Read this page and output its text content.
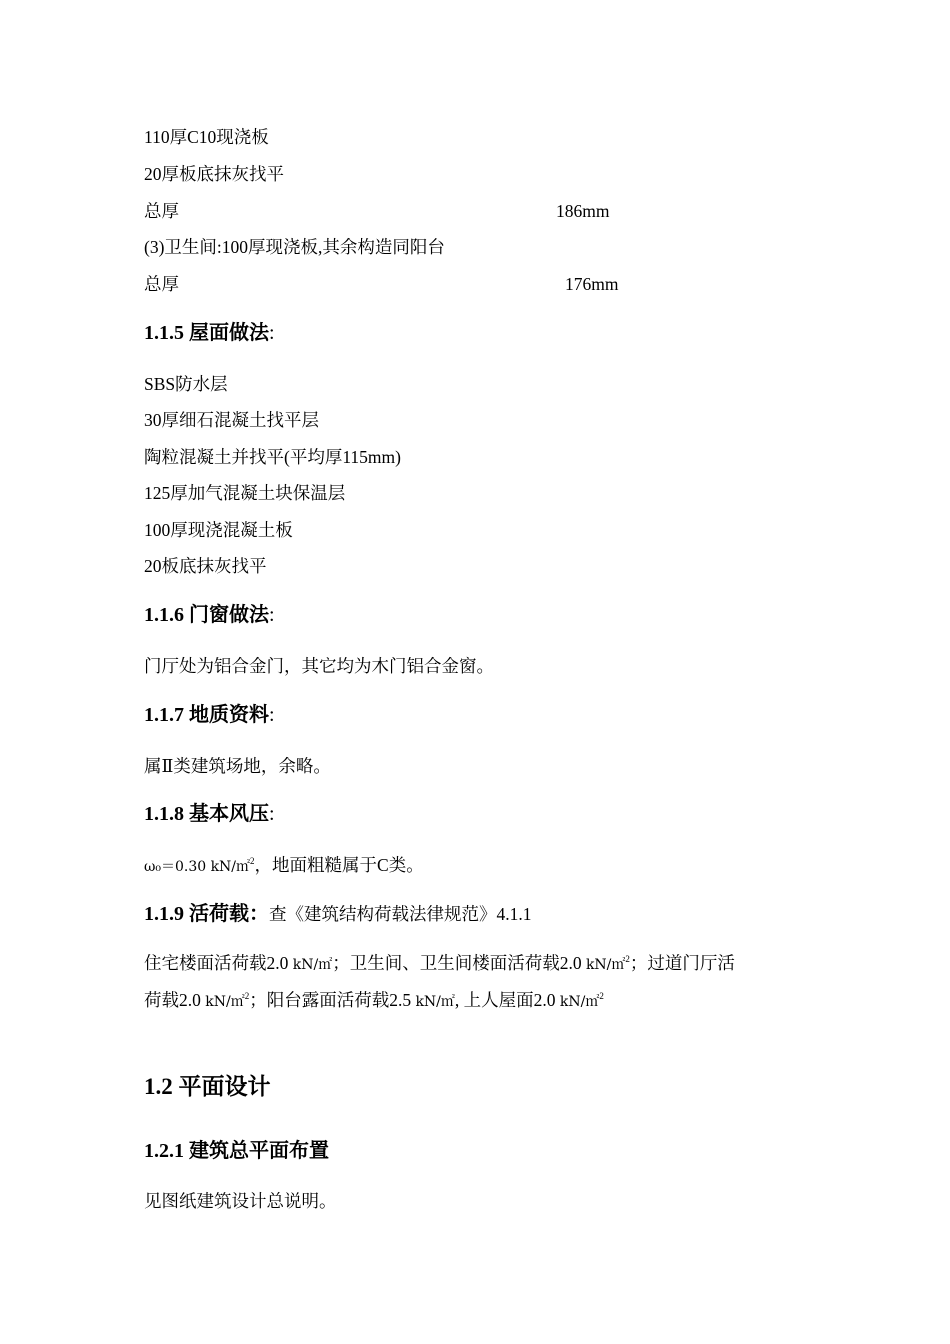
110厚C10现浇板
20厚板底抹灰找平
总厚	186mm
(3)卫生间:100厚现浇板,其余构造同阳台
总厚	176mm
1.1.5 屋面做法:
SBS防水层
30厚细石混凝土找平层
陶粒混凝土并找平(平均厚115mm)
125厚加气混凝土块保温层
100厚现浇混凝土板
20板底抹灰找平
1.1.6 门窗做法:
门厅处为铝合金门，其它均为木门铝合金窗。
1.1.7 地质资料:
属Ⅱ类建筑场地，余略。
1.1.8 基本风压:
ω₀＝0.30 kN/㎡$^2$，地面粗糙属于C类。
1.1.9 活荷载：查《建筑结构荷载法律规范》4.1.1
住宅楼面活荷载2.0 kN/㎡；卫生间、卫生间楼面活荷载2.0 kN/㎡$^2$；过道门厅活
荷载2.0 kN/㎡$^2$；阳台露面活荷载2.5 kN/㎡, 上人屋面2.0 kN/㎡$^2$
1.2 平面设计
1.2.1 建筑总平面布置
见图纸建筑设计总说明。
